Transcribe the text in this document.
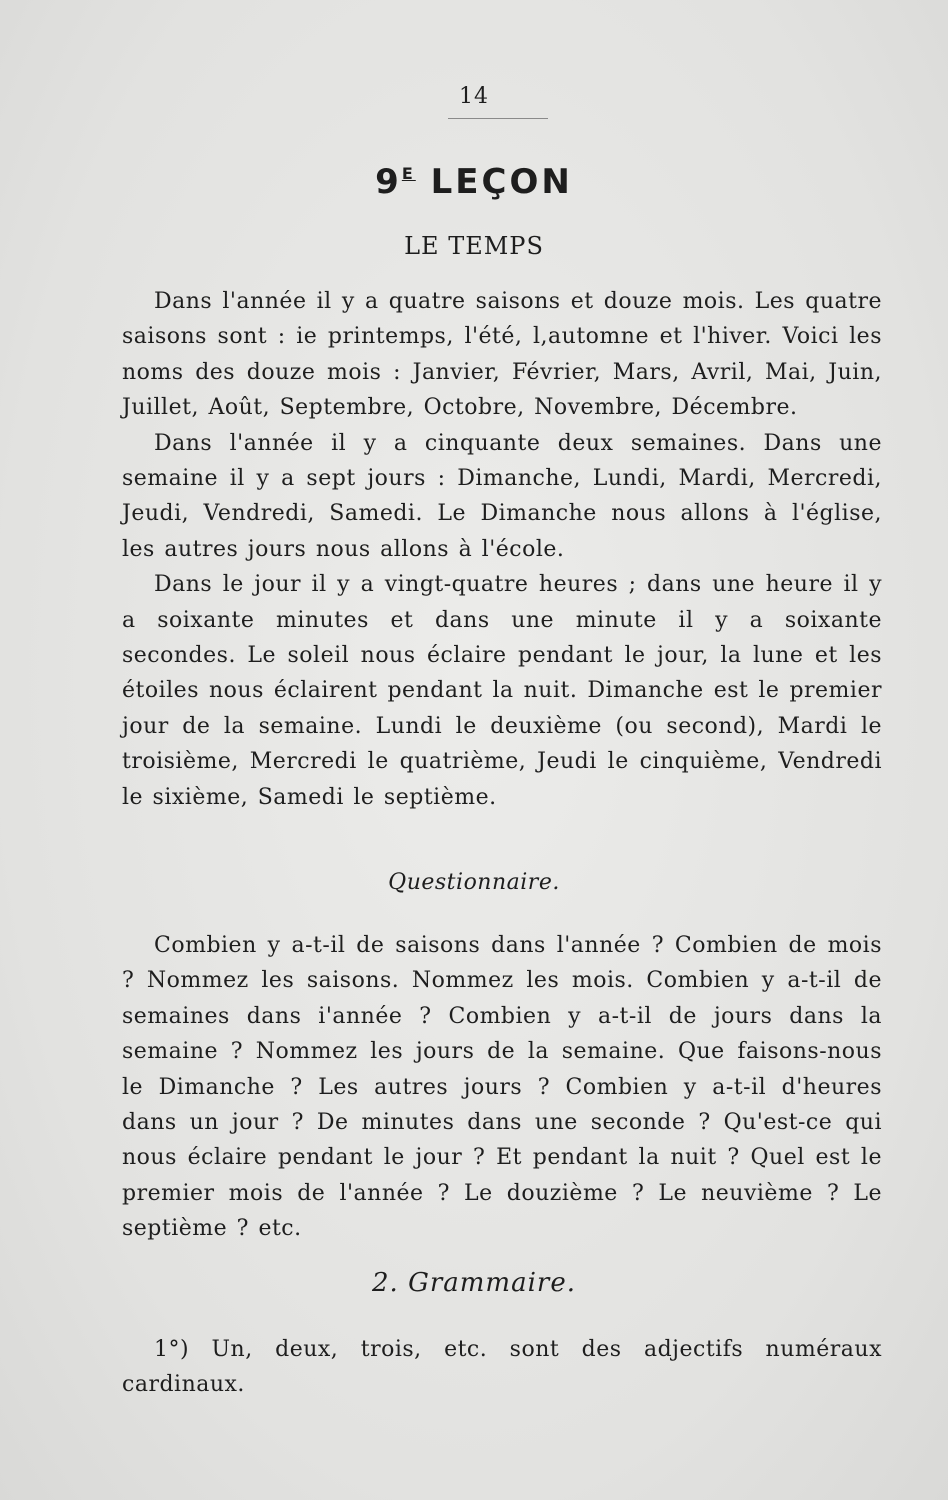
14
$9^E$ LEÇON
LE TEMPS

Dans l'année il y a quatre saisons et douze mois. Les quatre saisons sont : ie printemps, l'été, l,automne et l'hiver. Voici les noms des douze mois : Janvier, Février, Mars, Avril, Mai, Juin, Juillet, Août, Septembre, Octobre, Novembre, Décembre.

Dans l'année il y a cinquante deux semaines. Dans une semaine il y a sept jours : Dimanche, Lundi, Mardi, Mercredi, Jeudi, Vendredi, Samedi. Le Dimanche nous allons à l'église, les autres jours nous allons à l'école.

Dans le jour il y a vingt-quatre heures ; dans une heure il y a soixante minutes et dans une minute il y a soixante secondes. Le soleil nous éclaire pendant le jour, la lune et les étoiles nous éclairent pendant la nuit. Dimanche est le premier jour de la semaine. Lundi le deuxième (ou second), Mardi le troisième, Mercredi le quatrième, Jeudi le cinquième, Vendredi le sixième, Samedi le septième.

Questionnaire.

Combien y a-t-il de saisons dans l'année ? Combien de mois ? Nommez les saisons. Nommez les mois. Combien y a-t-il de semaines dans i'année ? Combien y a-t-il de jours dans la semaine ? Nommez les jours de la semaine. Que faisons-nous le Dimanche ? Les autres jours ? Combien y a-t-il d'heures dans un jour ? De minutes dans une seconde ? Qu'est-ce qui nous éclaire pendant le jour ? Et pendant la nuit ? Quel est le premier mois de l'année ? Le douzième ? Le neuvième ? Le septième ? etc.

2. Grammaire.

1°) Un, deux, trois, etc. sont des adjectifs numéraux cardinaux.
